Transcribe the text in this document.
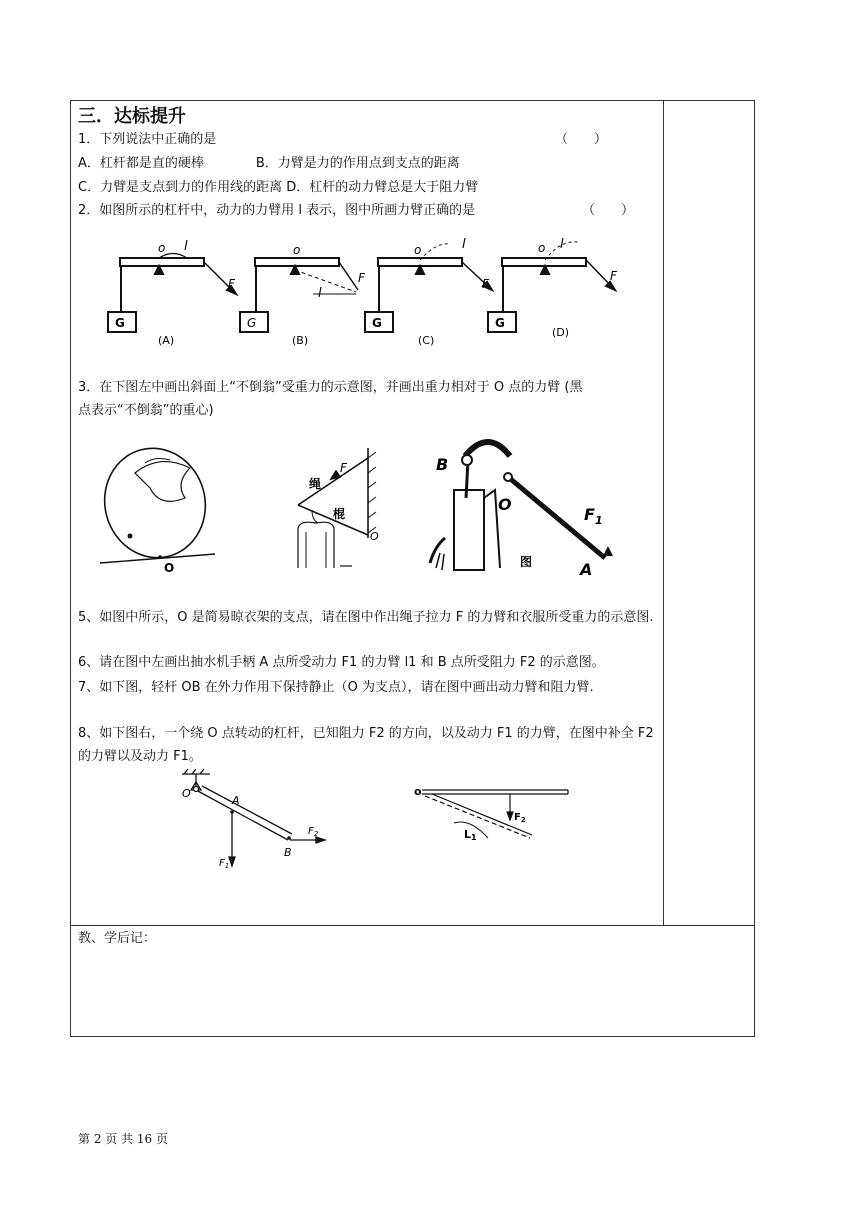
三．达标提升
1．下列说法中正确的是	（　　）
A．杠杆都是直的硬棒　　　　B．力臂是力的作用点到支点的距离
C．力臂是支点到力的作用线的距离 D．杠杆的动力臂总是大于阻力臂
2．如图所示的杠杆中，动力的力臂用 l 表示，图中所画力臂正确的是	（　　）
o l
F
G
(A)
o
l
F
G
(B)
o	l
F
G
(C)
o l
F
G
(D)
3．在下图左中画出斜面上“不倒翁”受重力的示意图，并画出重力相对于 O 点的力臂 (黑
点表示“不倒翁”的重心)
O
F
绳
棍
O
B
O
$F_1$
图	A
5、如图中所示，O 是简易晾衣架的支点，请在图中作出绳子拉力 F 的力臂和衣服所受重力的示意图.
6、请在图中左画出抽水机手柄 A 点所受动力 F1 的力臂 l1 和 B 点所受阻力 F2 的示意图。
7、如下图，轻杆 OB 在外力作用下保持静止（O 为支点），请在图中画出动力臂和阻力臂.
8、如下图右，一个绕 O 点转动的杠杆，已知阻力 F2 的方向，以及动力 F1 的力臂，在图中补全 F2 的力臂以及动力 F1。
O
A
$F_2$
$F_1$
B
o
$F_2$
L1
教、学后记：
第 2 页 共 16 页
